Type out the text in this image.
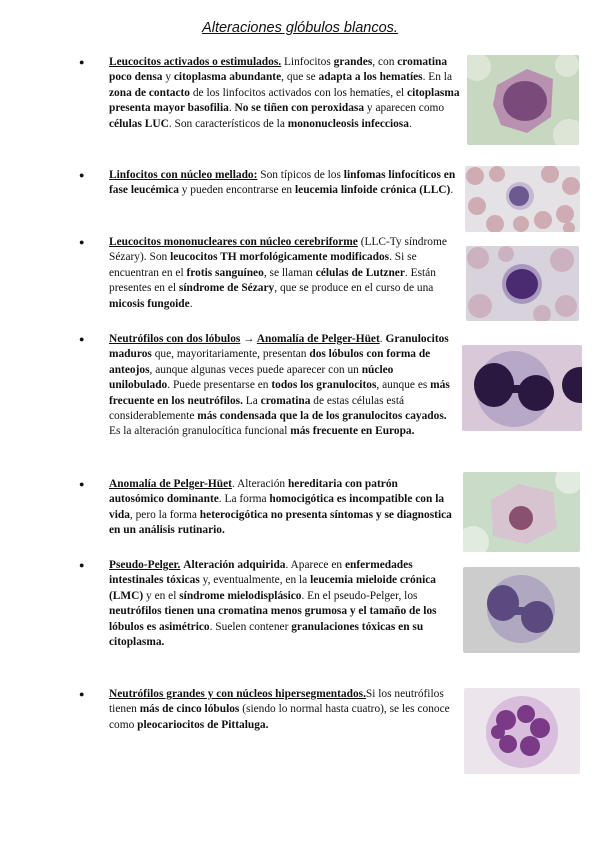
Alteraciones glóbulos blancos.
● Leucocitos activados o estimulados. Linfocitos grandes, con cromatina poco densa y citoplasma abundante, que se adapta a los hematíes. En la zona de contacto de los linfocitos activados con los hematíes, el citoplasma presenta mayor basofilia. No se tiñen con peroxidasa y aparecen como células LUC. Son característicos de la mononucleosis infecciosa.

● Linfocitos con núcleo mellado: Son típicos de los linfomas linfocíticos en fase leucémica y pueden encontrarse en leucemia linfoide crónica (LLC).

● Leucocitos mononucleares con núcleo cerebriforme (LLC-Ty síndrome Sézary). Son leucocitos TH morfológicamente modificados. Si se encuentran en el frotis sanguíneo, se llaman células de Lutzner. Están presentes en el síndrome de Sézary, que se produce en el curso de una micosis fungoide.

● Neutrófilos con dos lóbulos → Anomalía de Pelger-Hüet. Granulocitos maduros que, mayoritariamente, presentan dos lóbulos con forma de anteojos, aunque algunas veces puede aparecer con un núcleo unilobulado. Puede presentarse en todos los granulocitos, aunque es más frecuente en los neutrófilos. La cromatina de estas células está considerablemente más condensada que la de los granulocitos cayados. Es la alteración granulocítica funcional más frecuente en Europa.

● Anomalía de Pelger-Hüet. Alteración hereditaria con patrón autosómico dominante. La forma homocigótica es incompatible con la vida, pero la forma heterocigótica no presenta síntomas y se diagnostica en un análisis rutinario.

● Pseudo-Pelger. Alteración adquirida. Aparece en enfermedades intestinales tóxicas y, eventualmente, en la leucemia mieloide crónica (LMC) y en el síndrome mielodisplásico. En el pseudo-Pelger, los neutrófilos tienen una cromatina menos grumosa y el tamaño de los lóbulos es asimétrico. Suelen contener granulaciones tóxicas en su citoplasma.

● Neutrófilos grandes y con núcleos hipersegmentados.Si los neutrófilos tienen más de cinco lóbulos (siendo lo normal hasta cuatro), se les conoce como pleocariocitos de Pittaluga.
